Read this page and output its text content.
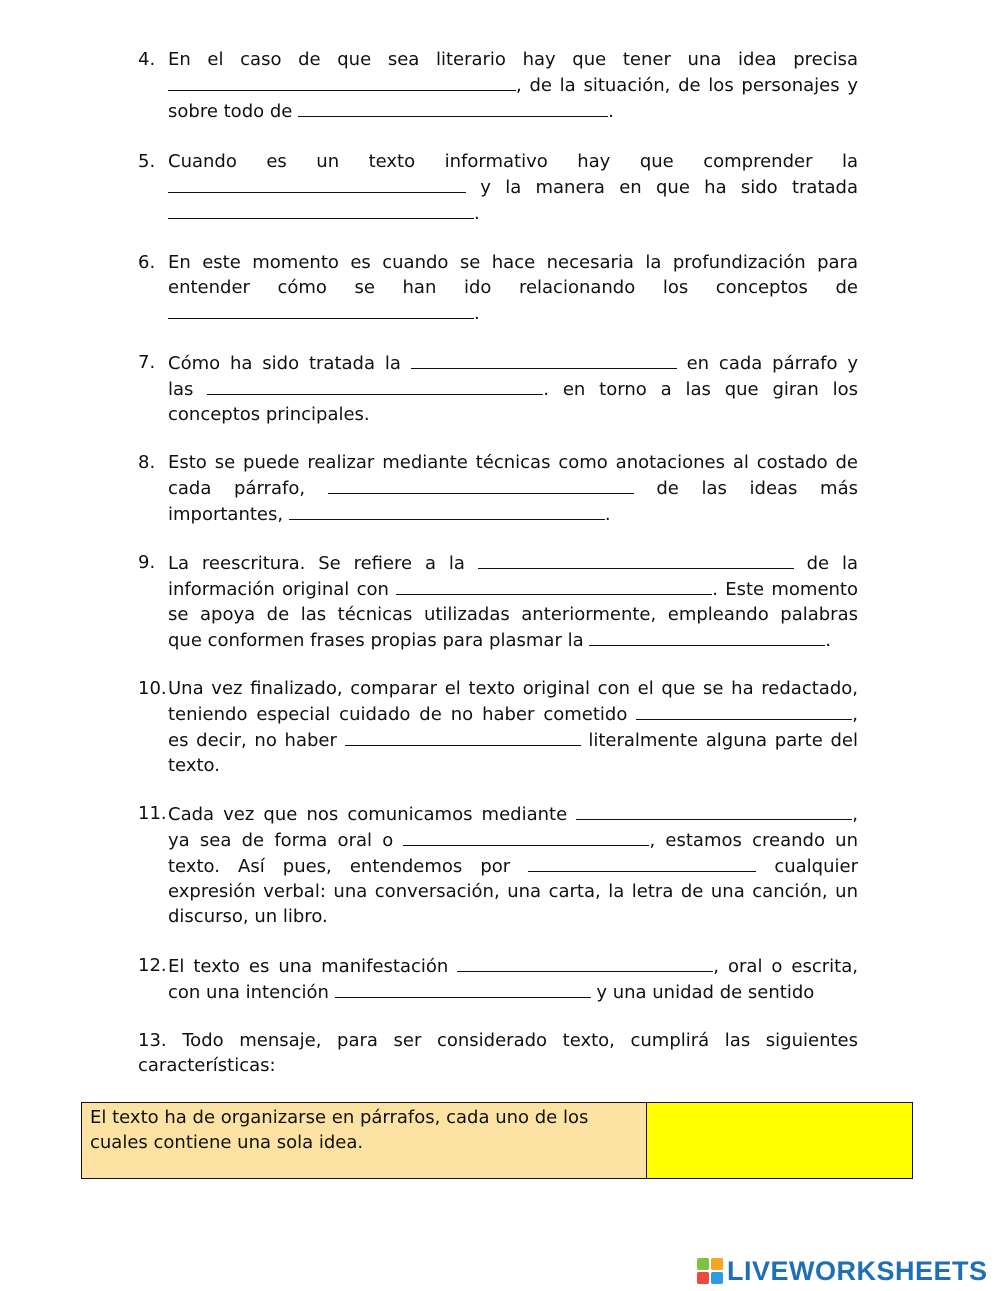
4. En el caso de que sea literario hay que tener una idea precisa
, de la situación, de los personajes y
sobre todo de	.
5. Cuando es un texto informativo hay que comprender la
y la manera en que ha sido tratada
.
6. En este momento es cuando se hace necesaria la profundización para
entender cómo se han ido relacionando los conceptos de
.
7. Cómo ha sido tratada la	en cada párrafo y
las	. en torno a las que giran los
conceptos principales.
8. Esto se puede realizar mediante técnicas como anotaciones al costado de
cada párrafo,	de las ideas más
importantes,	.
9. La reescritura. Se refiere a la	de la
información original con	. Este momento
se apoya de las técnicas utilizadas anteriormente, empleando palabras
que conformen frases propias para plasmar la	.
10. Una vez finalizado, comparar el texto original con el que se ha redactado,
teniendo especial cuidado de no haber cometido	,
es decir, no haber	literalmente alguna parte del
texto.
11. Cada vez que nos comunicamos mediante	,
ya sea de forma oral o	, estamos creando un
texto. Así pues, entendemos por	cualquier
expresión verbal: una conversación, una carta, la letra de una canción, un
discurso, un libro.
12. El texto es una manifestación	, oral o escrita,
con una intención	y una unidad de sentido
13. Todo mensaje, para ser considerado texto, cumplirá las siguientes características:
El texto ha de organizarse en párrafos, cada uno de los cuales contiene una sola idea.	
LIVEWORKSHEETS
